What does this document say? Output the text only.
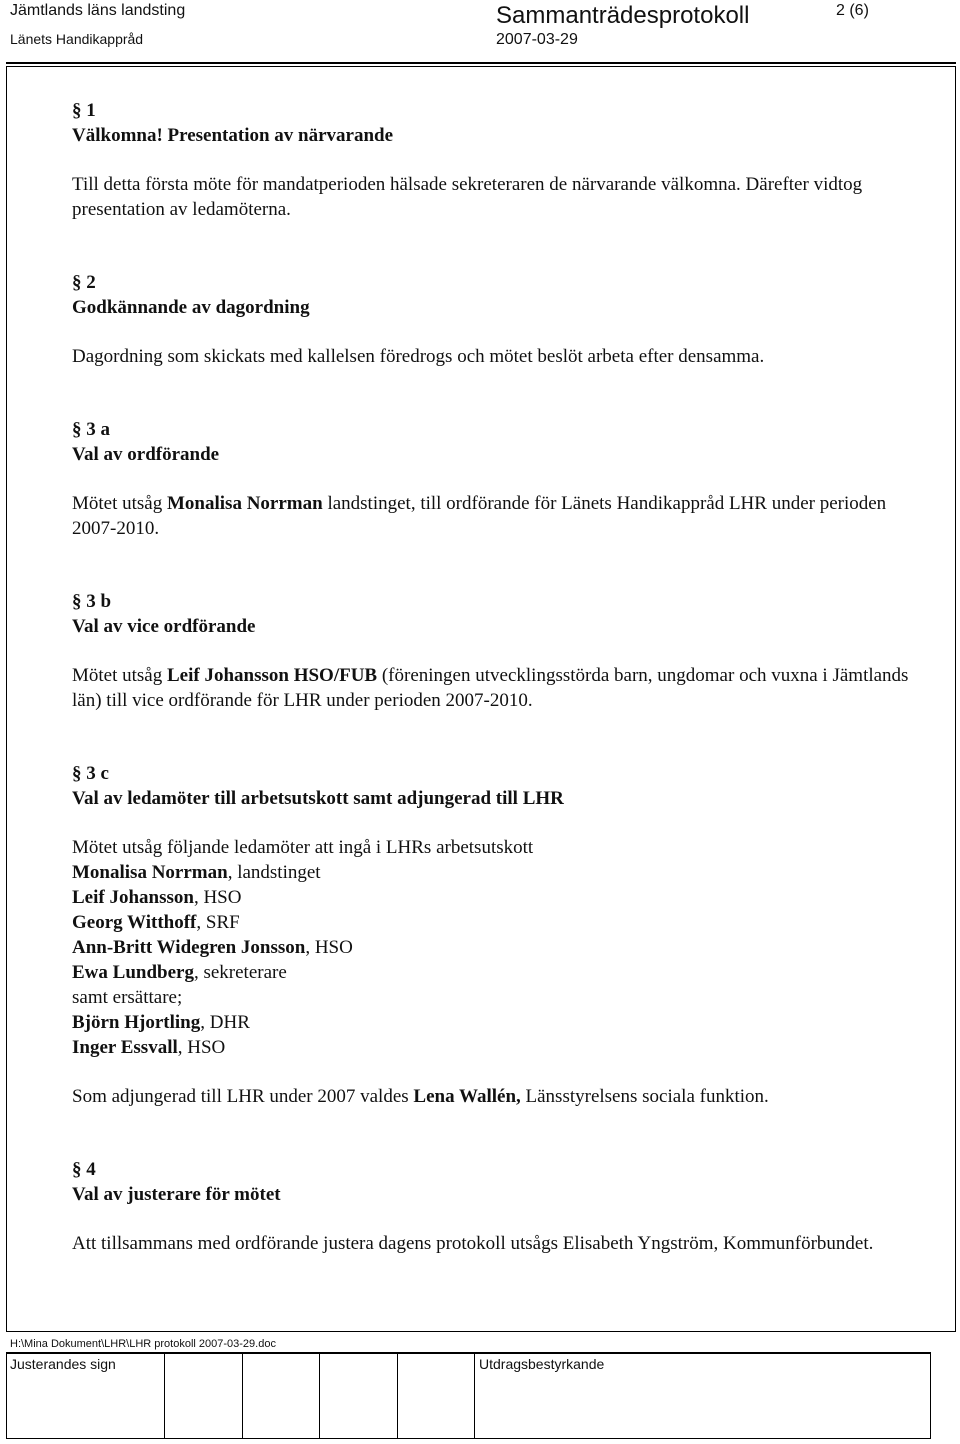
Jämtlands läns landsting
Länets Handikappråd
Sammanträdesprotokoll
2007-03-29
2 (6)
§ 1
Välkomna! Presentation av närvarande
Till detta första möte för mandatperioden hälsade sekreteraren de närvarande välkomna. Därefter vidtog presentation av ledamöterna.
§ 2
Godkännande av dagordning
Dagordning som skickats med kallelsen föredrogs och mötet beslöt arbeta efter densamma.
§ 3 a
Val av ordförande
Mötet utsåg Monalisa Norrman landstinget, till ordförande för Länets Handikappråd LHR under perioden 2007-2010.
§ 3 b
Val av vice ordförande
Mötet utsåg Leif Johansson HSO/FUB (föreningen utvecklingsstörda barn, ungdomar och vuxna i Jämtlands län) till vice ordförande för LHR under perioden 2007-2010.
§ 3 c
Val av ledamöter till arbetsutskott samt adjungerad till LHR
Mötet utsåg följande ledamöter att ingå i LHRs arbetsutskott
Monalisa Norrman, landstinget
Leif Johansson, HSO
Georg Witthoff, SRF
Ann-Britt Widegren Jonsson, HSO
Ewa Lundberg, sekreterare
samt ersättare;
Björn Hjortling, DHR
Inger Essvall, HSO
Som adjungerad till LHR under 2007 valdes Lena Wallén, Länsstyrelsens sociala funktion.
§ 4
Val av justerare för mötet
Att tillsammans med ordförande justera dagens protokoll utsågs Elisabeth Yngström, Kommunförbundet.
H:\Mina Dokument\LHR\LHR protokoll 2007-03-29.doc
Justerandes sign	Utdragsbestyrkande
